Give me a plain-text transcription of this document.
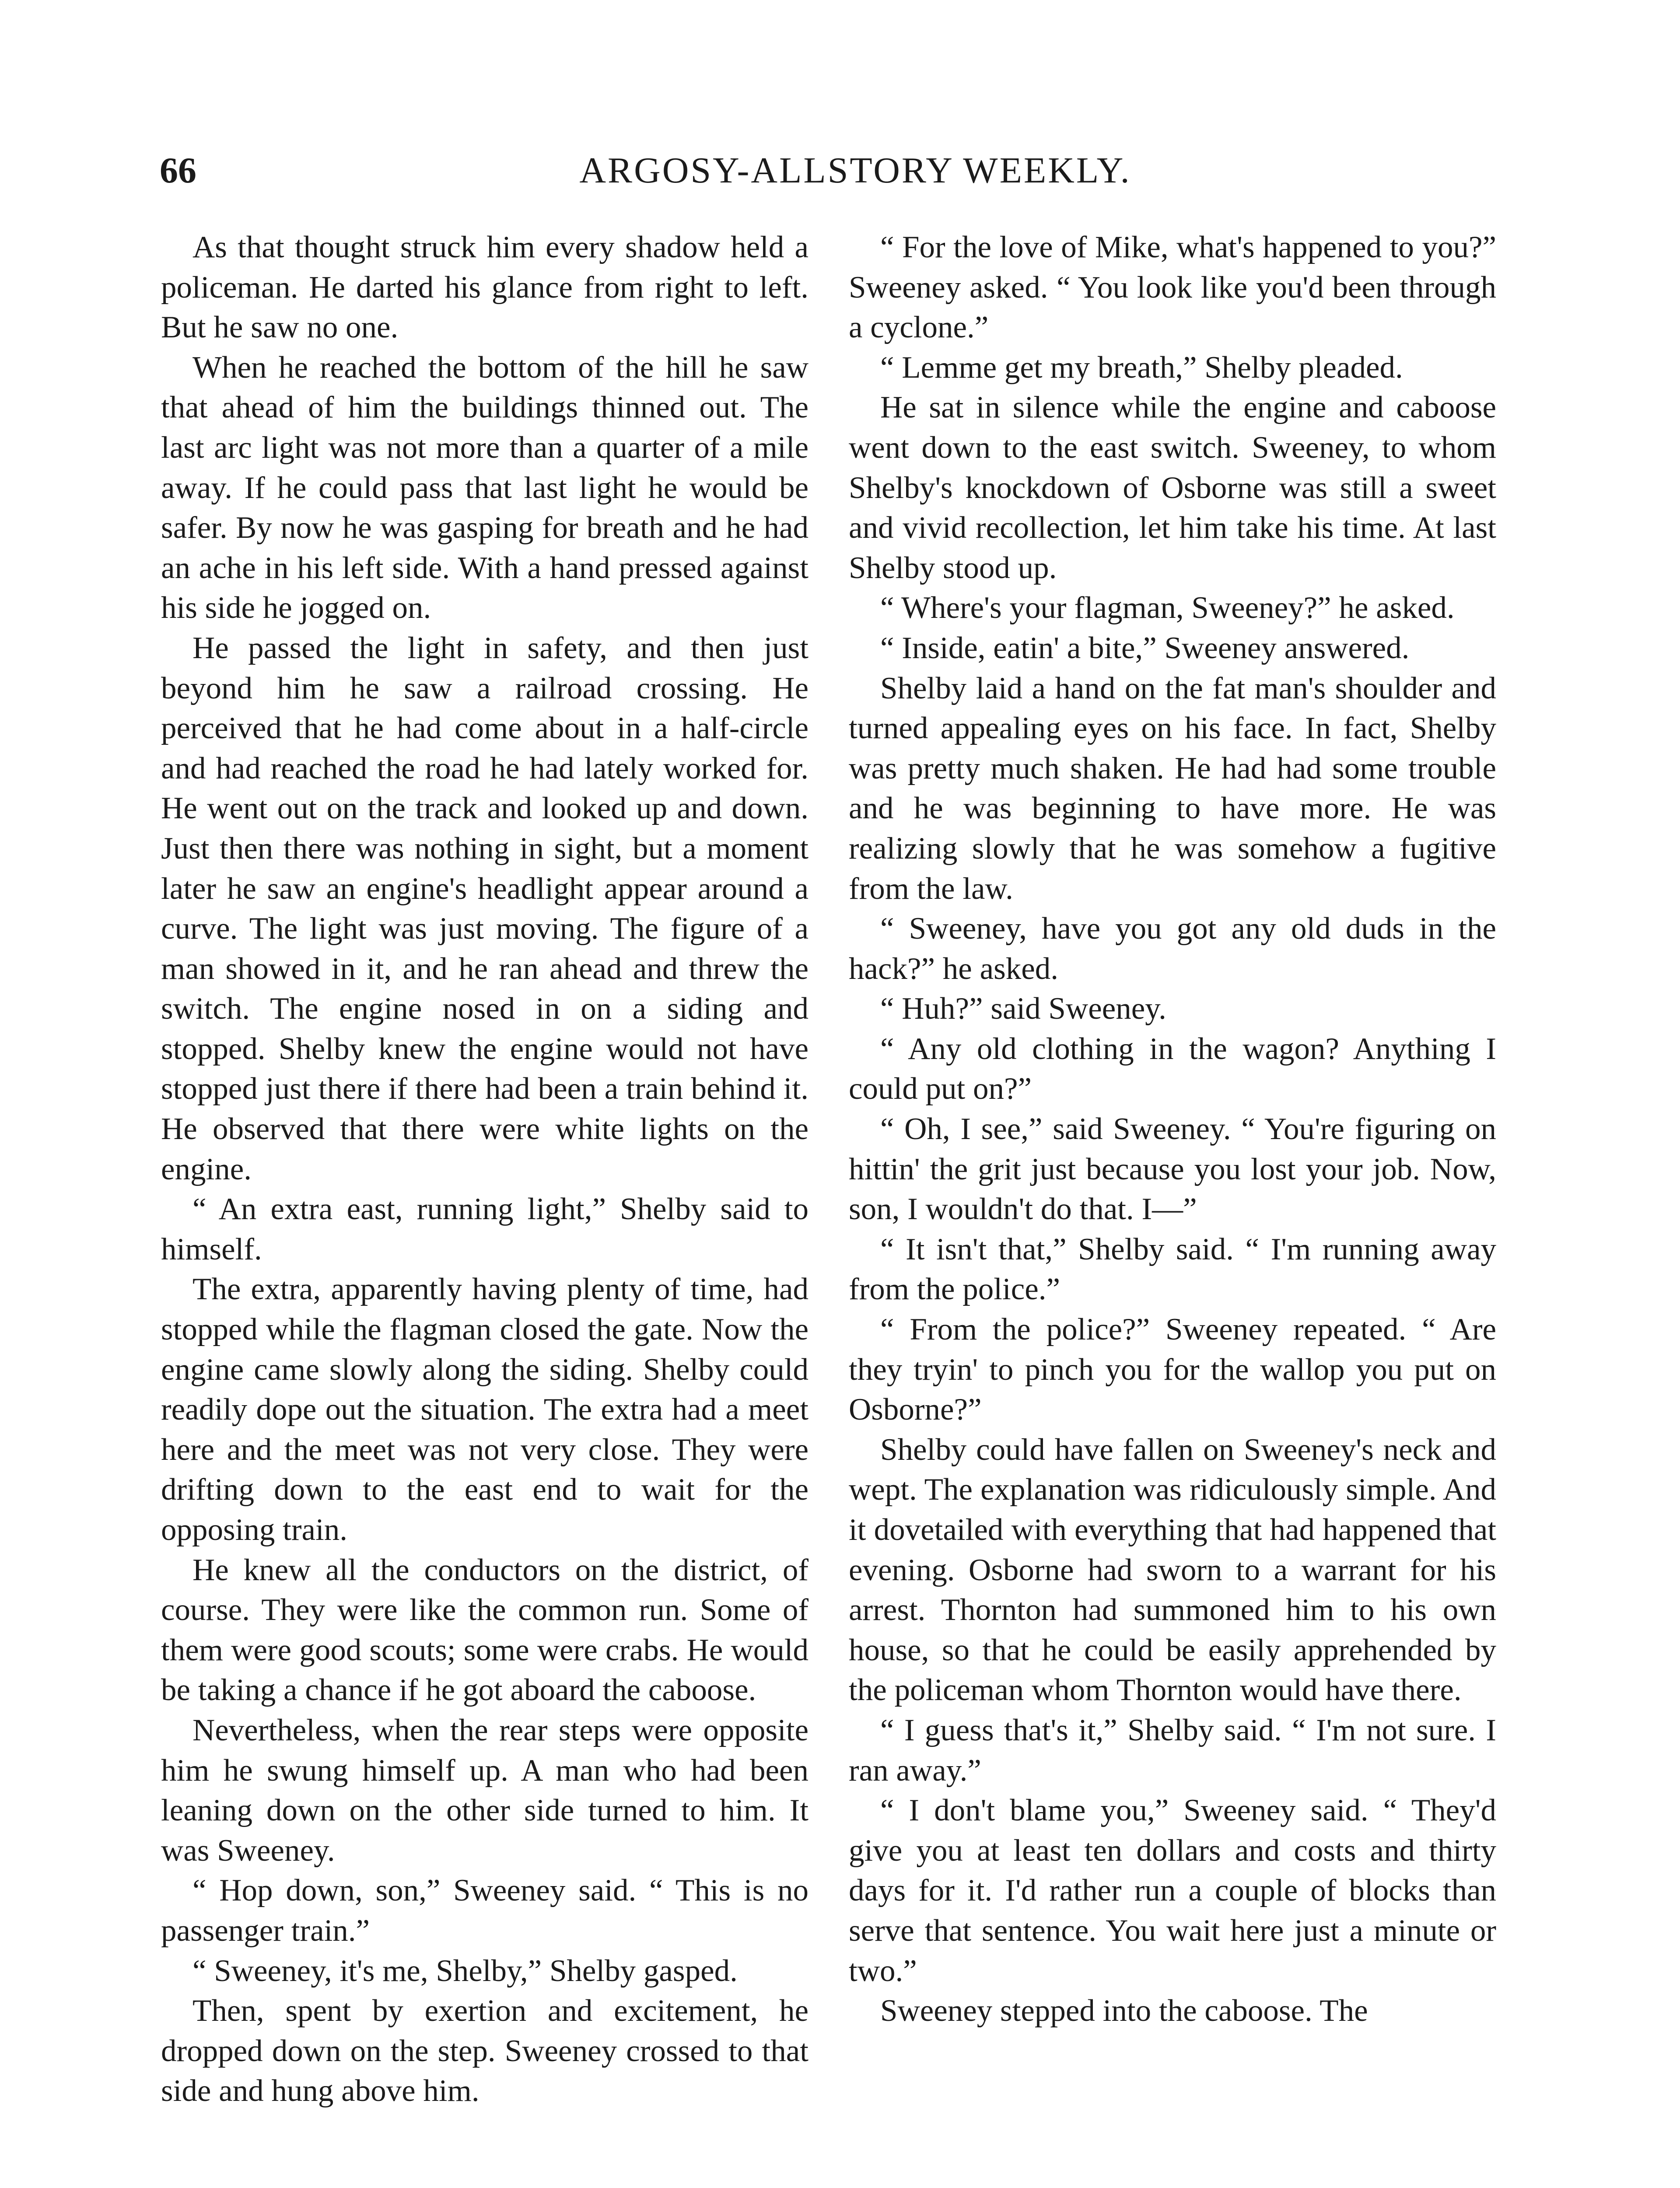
66	ARGOSY-ALLSTORY WEEKLY.

As that thought struck him every shadow held a policeman. He darted his glance from right to left. But he saw no one.

When he reached the bottom of the hill he saw that ahead of him the buildings thinned out. The last arc light was not more than a quarter of a mile away. If he could pass that last light he would be safer. By now he was gasping for breath and he had an ache in his left side. With a hand pressed against his side he jogged on.

He passed the light in safety, and then just beyond him he saw a railroad crossing. He perceived that he had come about in a half-circle and had reached the road he had lately worked for. He went out on the track and looked up and down. Just then there was nothing in sight, but a moment later he saw an engine's headlight appear around a curve. The light was just moving. The figure of a man showed in it, and he ran ahead and threw the switch. The engine nosed in on a siding and stopped. Shelby knew the engine would not have stopped just there if there had been a train behind it. He observed that there were white lights on the engine.

“ An extra east, running light,” Shelby said to himself.

The extra, apparently having plenty of time, had stopped while the flagman closed the gate. Now the engine came slowly along the siding. Shelby could readily dope out the situation. The extra had a meet here and the meet was not very close. They were drifting down to the east end to wait for the opposing train.

He knew all the conductors on the district, of course. They were like the common run. Some of them were good scouts; some were crabs. He would be taking a chance if he got aboard the caboose.

Nevertheless, when the rear steps were opposite him he swung himself up. A man who had been leaning down on the other side turned to him. It was Sweeney.

“ Hop down, son,” Sweeney said. “ This is no passenger train.”

“ Sweeney, it's me, Shelby,” Shelby gasped.

Then, spent by exertion and excitement, he dropped down on the step. Sweeney crossed to that side and hung above him.

“ For the love of Mike, what's happened to you?” Sweeney asked. “ You look like you'd been through a cyclone.”

“ Lemme get my breath,” Shelby pleaded.

He sat in silence while the engine and caboose went down to the east switch. Sweeney, to whom Shelby's knockdown of Osborne was still a sweet and vivid recollection, let him take his time. At last Shelby stood up.

“ Where's your flagman, Sweeney?” he asked.

“ Inside, eatin' a bite,” Sweeney answered.

Shelby laid a hand on the fat man's shoulder and turned appealing eyes on his face. In fact, Shelby was pretty much shaken. He had had some trouble and he was beginning to have more. He was realizing slowly that he was somehow a fugitive from the law.

“ Sweeney, have you got any old duds in the hack?” he asked.

“ Huh?” said Sweeney.

“ Any old clothing in the wagon? Anything I could put on?”

“ Oh, I see,” said Sweeney. “ You're figuring on hittin' the grit just because you lost your job. Now, son, I wouldn't do that. I—”

“ It isn't that,” Shelby said. “ I'm running away from the police.”

“ From the police?” Sweeney repeated. “ Are they tryin' to pinch you for the wallop you put on Osborne?”

Shelby could have fallen on Sweeney's neck and wept. The explanation was ridiculously simple. And it dovetailed with everything that had happened that evening. Osborne had sworn to a warrant for his arrest. Thornton had summoned him to his own house, so that he could be easily apprehended by the policeman whom Thornton would have there.

“ I guess that's it,” Shelby said. “ I'm not sure. I ran away.”

“ I don't blame you,” Sweeney said. “ They'd give you at least ten dollars and costs and thirty days for it. I'd rather run a couple of blocks than serve that sentence. You wait here just a minute or two.”

Sweeney stepped into the caboose. The
